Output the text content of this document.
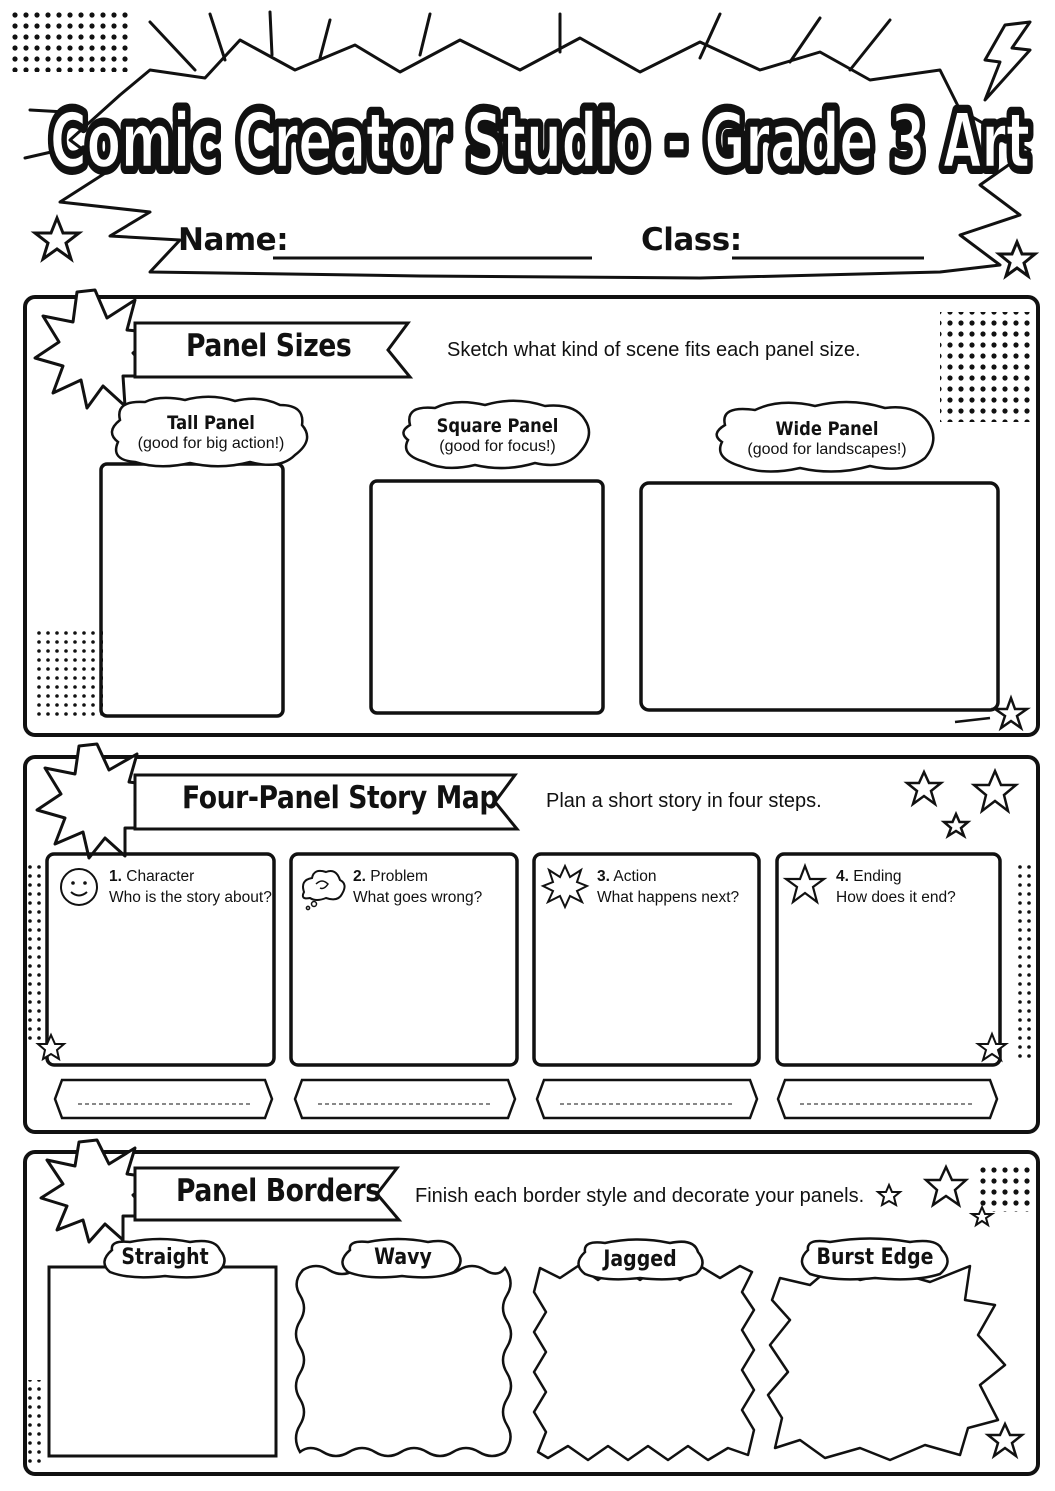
Comic Creator Studio - Grade 3 Art
Comic Creator Studio - Grade 3 Art
Name:	Class:
Panel Sizes	Sketch what kind of scene fits each panel size.
Tall Panel
(good for big action!)
Square Panel
(good for focus!)
Wide Panel
(good for landscapes!)
Four-Panel Story Map Plan a short story in four steps.
1. Character
Who is the story about?
2. Problem
What goes wrong?
3. Action
What happens next?
4. Ending
How does it end?
Panel Borders Finish each border style and decorate your panels.
Straight	Wavy	Jagged	Burst Edge
